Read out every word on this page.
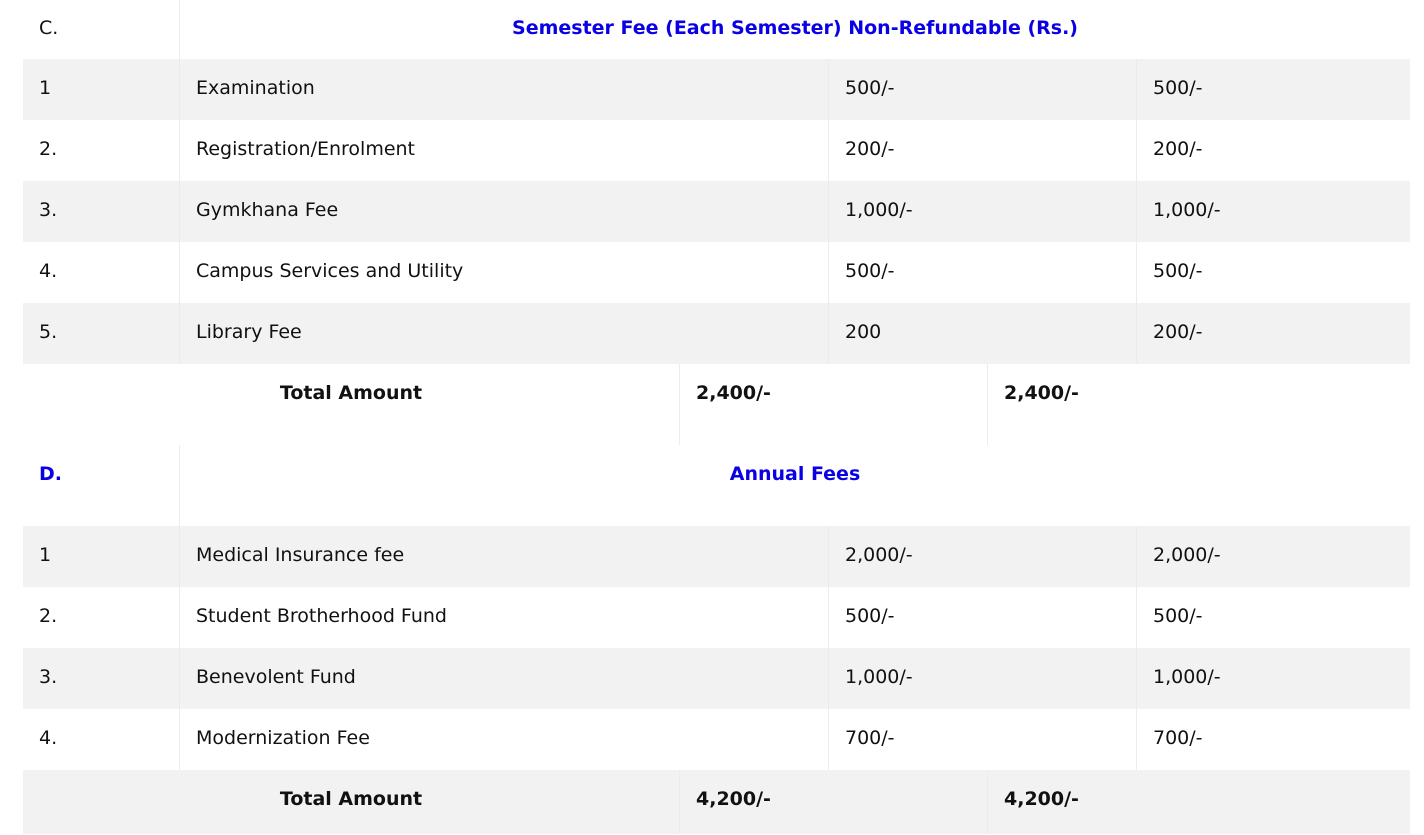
C.	Semester Fee (Each Semester) Non-Refundable (Rs.)
1	Examination	500/-	500/-
2.	Registration/Enrolment	200/-	200/-
3.	Gymkhana Fee	1,000/-	1,000/-
4.	Campus Services and Utility	500/-	500/-
5.	Library Fee	200	200/-
Total Amount	2,400/-	2,400/-
D.	Annual Fees
1	Medical Insurance fee	2,000/-	2,000/-
2.	Student Brotherhood Fund	500/-	500/-
3.	Benevolent Fund	1,000/-	1,000/-
4.	Modernization Fee	700/-	700/-
Total Amount	4,200/-	4,200/-
